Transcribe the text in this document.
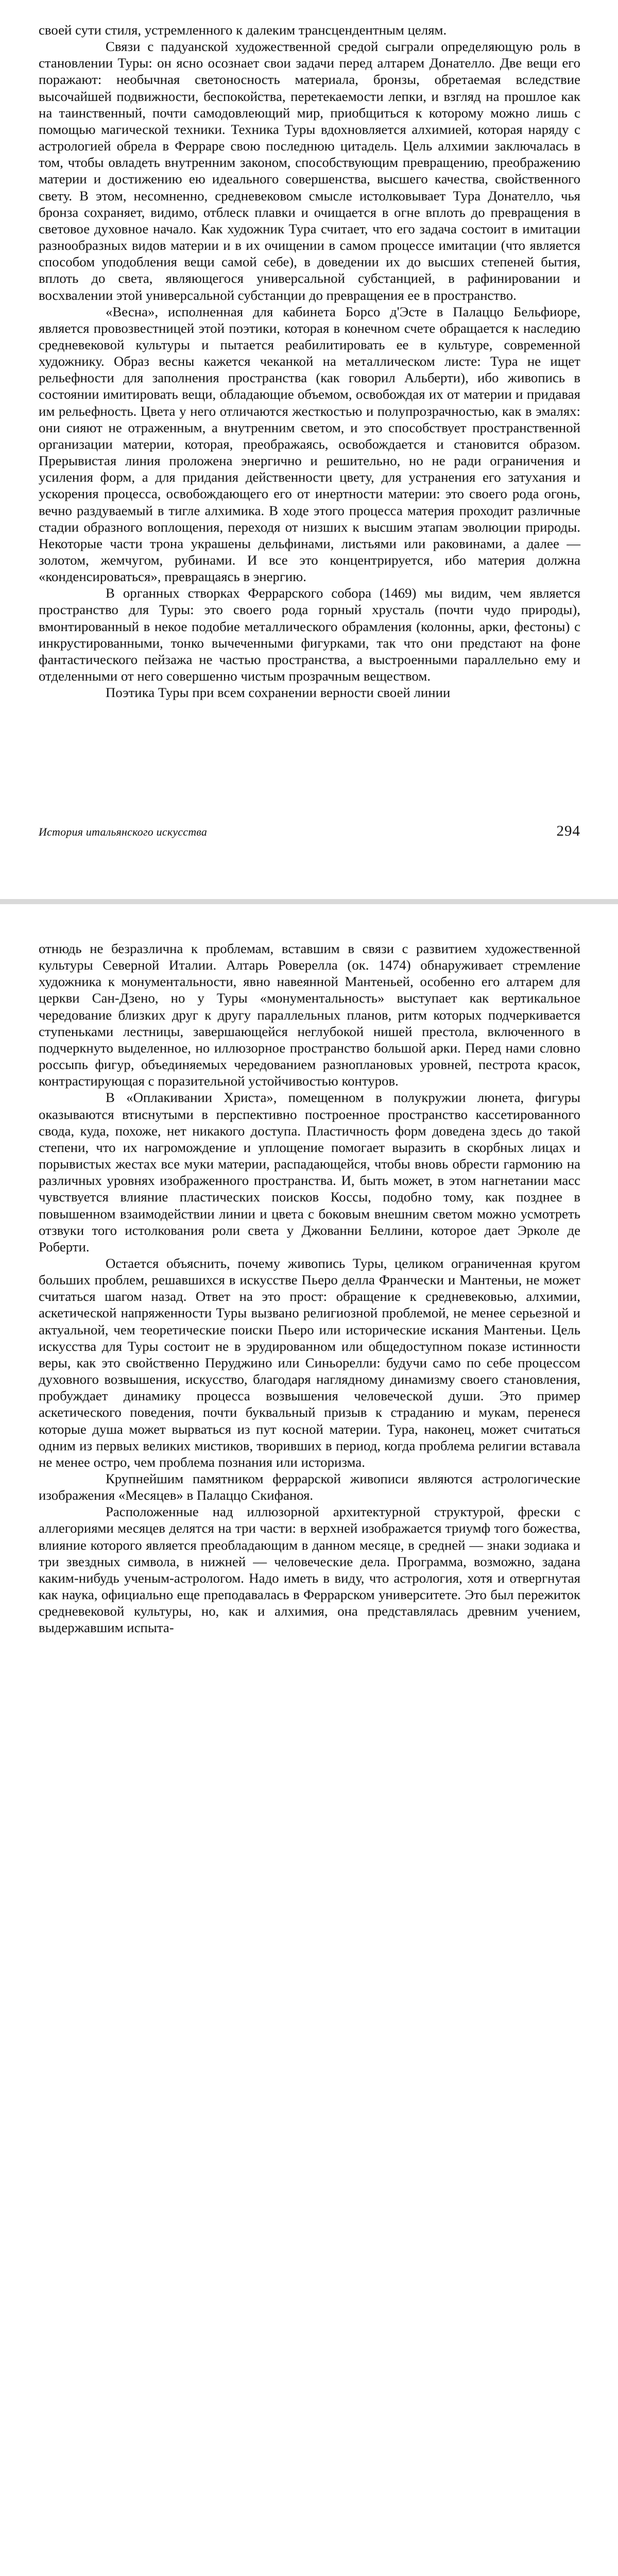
своей сути стиля, устремленного к далеким трансцендентным целям.

Связи с падуанской художественной средой сыграли определяющую роль в становлении Туры: он ясно осознает свои задачи перед алтарем Донателло. Две вещи его поражают: необычная светоносность материала, бронзы, обретаемая вследствие высочайшей подвижности, беспокойства, перетекаемости лепки, и взгляд на прошлое как на таинственный, почти самодовлеющий мир, приобщиться к которому можно лишь с помощью магической техники. Техника Туры вдохновляется алхимией, которая наряду с астрологией обрела в Ферраре свою последнюю цитадель. Цель алхимии заключалась в том, чтобы овладеть внутренним законом, способствующим превращению, преображению материи и достижению ею идеального совершенства, высшего качества, свойственного свету. В этом, несомненно, средневековом смысле истолковывает Тура Донателло, чья бронза сохраняет, видимо, отблеск плавки и очищается в огне вплоть до превращения в световое духовное начало. Как художник Тура считает, что его задача состоит в имитации разнообразных видов материи и в их очищении в самом процессе имитации (что является способом уподобления вещи самой себе), в доведении их до высших степеней бытия, вплоть до света, являющегося универсальной субстанцией, в рафинировании и восхвалении этой универсальной субстанции до превращения ее в пространство.

«Весна», исполненная для кабинета Борсо д'Эсте в Палаццо Бельфиоре, является провозвестницей этой поэтики, которая в конечном счете обращается к наследию средневековой культуры и пытается реабилитировать ее в культуре, современной художнику. Образ весны кажется чеканкой на металлическом листе: Тура не ищет рельефности для заполнения пространства (как говорил Альберти), ибо живопись в состоянии имитировать вещи, обладающие объемом, освобождая их от материи и придавая им рельефность. Цвета у него отличаются жесткостью и полупрозрачностью, как в эмалях: они сияют не отраженным, а внутренним светом, и это способствует пространственной организации материи, которая, преображаясь, освобождается и становится образом. Прерывистая линия проложена энергично и решительно, но не ради ограничения и усиления форм, а для придания действенности цвету, для устранения его затухания и ускорения процесса, освобождающего его от инертности материи: это своего рода огонь, вечно раздуваемый в тигле алхимика. В ходе этого процесса материя проходит различные стадии образного воплощения, переходя от низших к высшим этапам эволюции природы. Некоторые части трона украшены дельфинами, листьями или раковинами, а далее — золотом, жемчугом, рубинами. И все это концентрируется, ибо материя должна «конденсироваться», превращаясь в энергию.

В органных створках Феррарского собора (1469) мы видим, чем является пространство для Туры: это своего рода горный хрусталь (почти чудо природы), вмонтированный в некое подобие металлического обрамления (колонны, арки, фестоны) с инкрустированными, тонко вычеченными фигурками, так что они предстают на фоне фантастического пейзажа не частью пространства, а выстроенными параллельно ему и отделенными от него совершенно чистым прозрачным веществом.

Поэтика Туры при всем сохранении верности своей линии

История итальянского искусства	294

отнюдь не безразлична к проблемам, вставшим в связи с развитием художественной культуры Северной Италии. Алтарь Роверелла (ок. 1474) обнаруживает стремление художника к монументальности, явно навеянной Мантеньей, особенно его алтарем для церкви Сан-Дзено, но у Туры «монументальность» выступает как вертикальное чередование близких друг к другу параллельных планов, ритм которых подчеркивается ступеньками лестницы, завершающейся неглубокой нишей престола, включенного в подчеркнуто выделенное, но иллюзорное пространство большой арки. Перед нами словно россыпь фигур, объединяемых чередованием разноплановых уровней, пестрота красок, контрастирующая с поразительной устойчивостью контуров.

В «Оплакивании Христа», помещенном в полукружии люнета, фигуры оказываются втиснутыми в перспективно построенное пространство кассетированного свода, куда, похоже, нет никакого доступа. Пластичность форм доведена здесь до такой степени, что их нагромождение и уплощение помогает выразить в скорбных лицах и порывистых жестах все муки материи, распадающейся, чтобы вновь обрести гармонию на различных уровнях изображенного пространства. И, быть может, в этом нагнетании масс чувствуется влияние пластических поисков Коссы, подобно тому, как позднее в повышенном взаимодействии линии и цвета с боковым внешним светом можно усмотреть отзвуки того истолкования роли света у Джованни Беллини, которое дает Эрколе де Роберти.

Остается объяснить, почему живопись Туры, целиком ограниченная кругом больших проблем, решавшихся в искусстве Пьеро делла Франчески и Мантеньи, не может считаться шагом назад. Ответ на это прост: обращение к средневековью, алхимии, аскетической напряженности Туры вызвано религиозной проблемой, не менее серьезной и актуальной, чем теоретические поиски Пьеро или исторические искания Мантеньи. Цель искусства для Туры состоит не в эрудированном или общедоступном показе истинности веры, как это свойственно Перуджино или Синьорелли: будучи само по себе процессом духовного возвышения, искусство, благодаря наглядному динамизму своего становления, пробуждает динамику процесса возвышения человеческой души. Это пример аскетического поведения, почти буквальный призыв к страданию и мукам, перенеся которые душа может вырваться из пут косной материи. Тура, наконец, может считаться одним из первых великих мистиков, творивших в период, когда проблема религии вставала не менее остро, чем проблема познания или историзма.

Крупнейшим памятником феррарской живописи являются астрологические изображения «Месяцев» в Палаццо Скифаноя.

Расположенные над иллюзорной архитектурной структурой, фрески с аллегориями месяцев делятся на три части: в верхней изображается триумф того божества, влияние которого является преобладающим в данном месяце, в средней — знаки зодиака и три звездных символа, в нижней — человеческие дела. Программа, возможно, задана каким-нибудь ученым-астрологом. Надо иметь в виду, что астрология, хотя и отвергнутая как наука, официально еще преподавалась в Феррарском университете. Это был пережиток средневековой культуры, но, как и алхимия, она представлялась древним учением, выдержавшим испыта-
